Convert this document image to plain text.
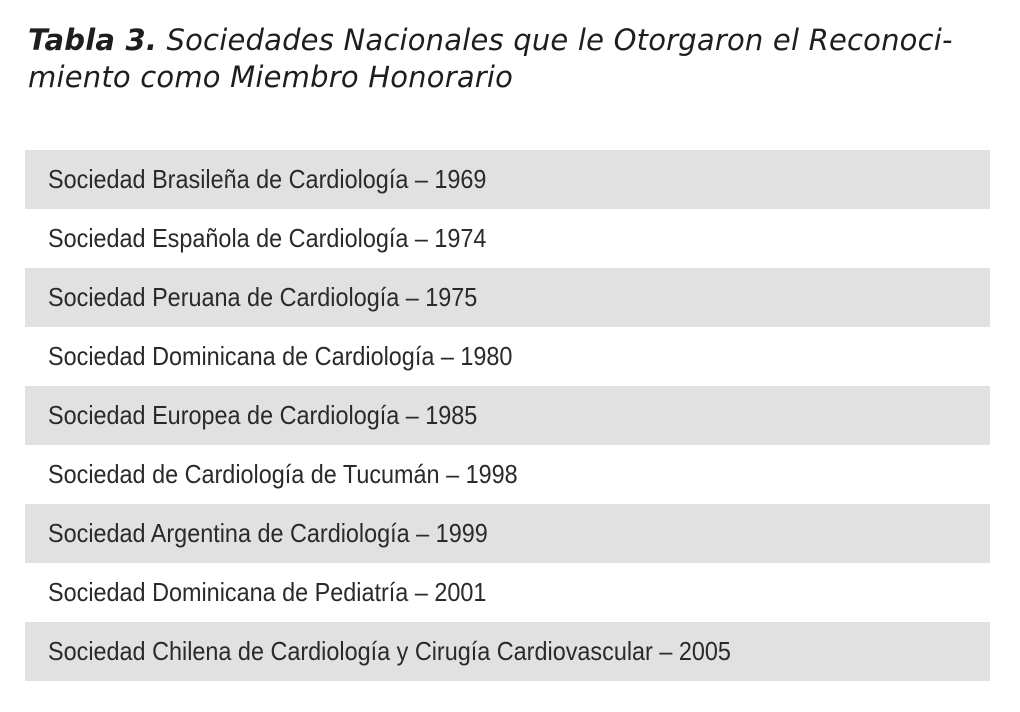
Tabla 3. Sociedades Nacionales que le Otorgaron el Reconoci- miento como Miembro Honorario
Sociedad Brasileña de Cardiología – 1969
Sociedad Española de Cardiología – 1974
Sociedad Peruana de Cardiología – 1975
Sociedad Dominicana de Cardiología – 1980
Sociedad Europea de Cardiología – 1985
Sociedad de Cardiología de Tucumán – 1998
Sociedad Argentina de Cardiología – 1999
Sociedad Dominicana de Pediatría – 2001
Sociedad Chilena de Cardiología y Cirugía Cardiovascular – 2005
